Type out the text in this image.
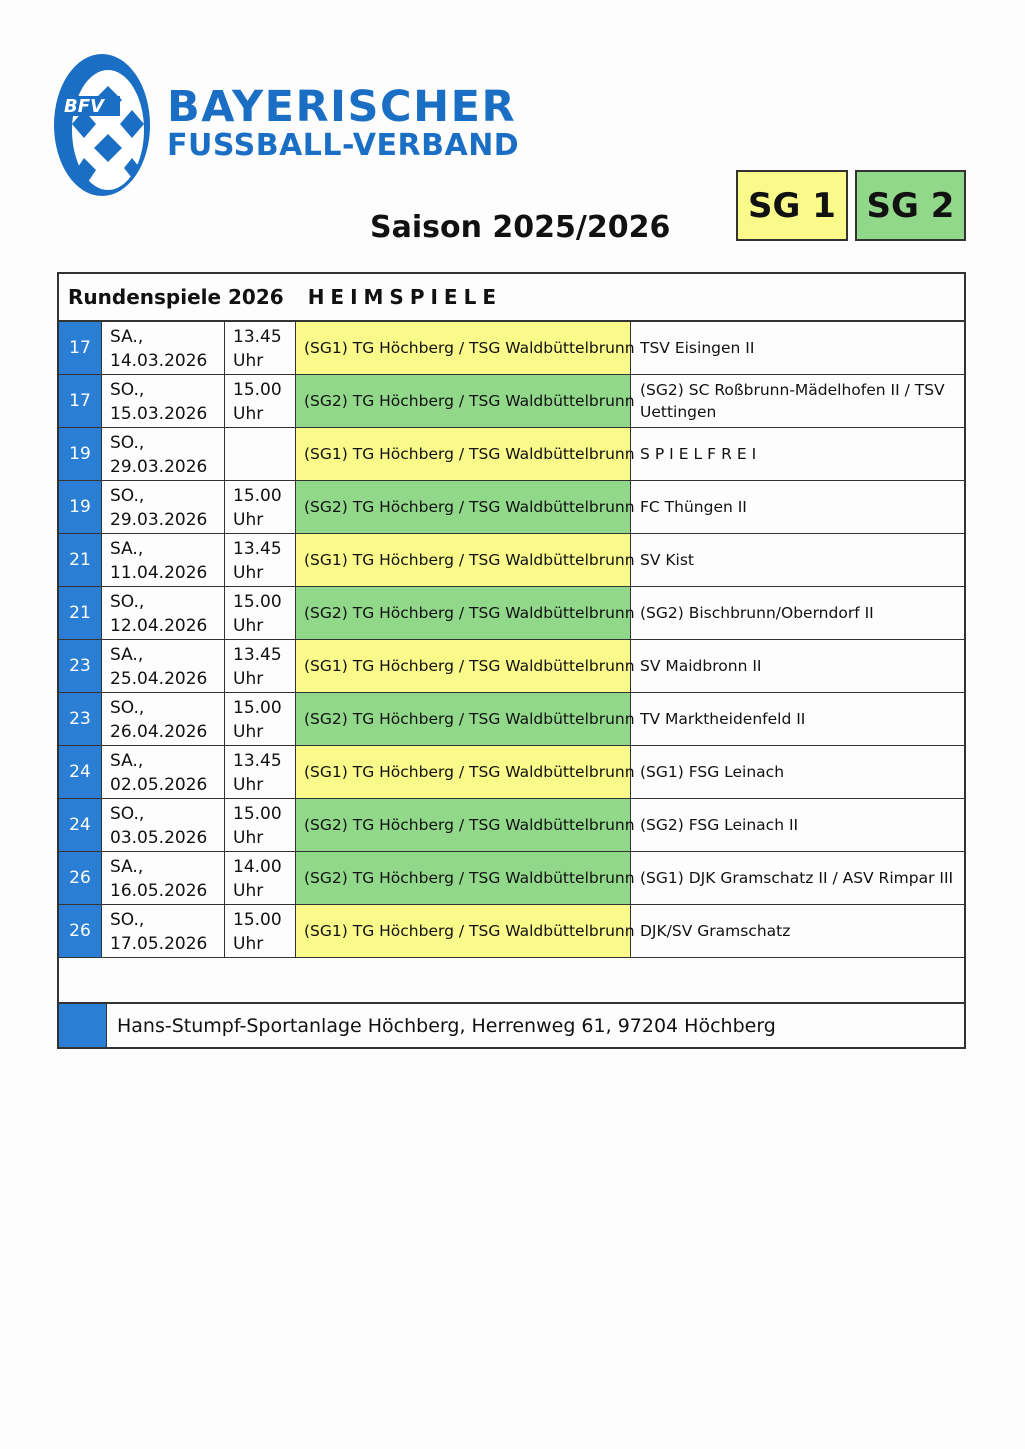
BFV BAYERISCHER
FUSSBALL-VERBAND
Saison 2025/2026
SG 1 SG 2
Rundenspiele 2026 HEIMSPIELE
17
SA.,
14.03.2026
13.45
Uhr
(SG1) TG Höchberg / TSG Waldbüttelbrunn TSV Eisingen II
17
SO.,
15.03.2026
15.00
Uhr
(SG2) TG Höchberg / TSG Waldbüttelbrunn
(SG2) SC Roßbrunn-Mädelhofen II / TSV Uettingen
19
SO.,
29.03.2026
(SG1) TG Höchberg / TSG Waldbüttelbrunn SPIELFREI
19
SO.,
29.03.2026
15.00
Uhr
(SG2) TG Höchberg / TSG Waldbüttelbrunn FC Thüngen II
21
SA.,
11.04.2026
13.45
Uhr
(SG1) TG Höchberg / TSG Waldbüttelbrunn SV Kist
21
SO.,
12.04.2026
15.00
Uhr
(SG2) TG Höchberg / TSG Waldbüttelbrunn (SG2) Bischbrunn/Oberndorf II
23
SA.,
25.04.2026
13.45
Uhr
(SG1) TG Höchberg / TSG Waldbüttelbrunn SV Maidbronn II
23
SO.,
26.04.2026
15.00
Uhr
(SG2) TG Höchberg / TSG Waldbüttelbrunn TV Marktheidenfeld II
24
SA.,
02.05.2026
13.45
Uhr
(SG1) TG Höchberg / TSG Waldbüttelbrunn (SG1) FSG Leinach
24
SO.,
03.05.2026
15.00
Uhr
(SG2) TG Höchberg / TSG Waldbüttelbrunn (SG2) FSG Leinach II
26
SA.,
16.05.2026
14.00
Uhr
(SG2) TG Höchberg / TSG Waldbüttelbrunn (SG1) DJK Gramschatz II / ASV Rimpar III
26
SO.,
17.05.2026
15.00
Uhr
(SG1) TG Höchberg / TSG Waldbüttelbrunn DJK/SV Gramschatz
Hans-Stumpf-Sportanlage Höchberg, Herrenweg 61, 97204 Höchberg
